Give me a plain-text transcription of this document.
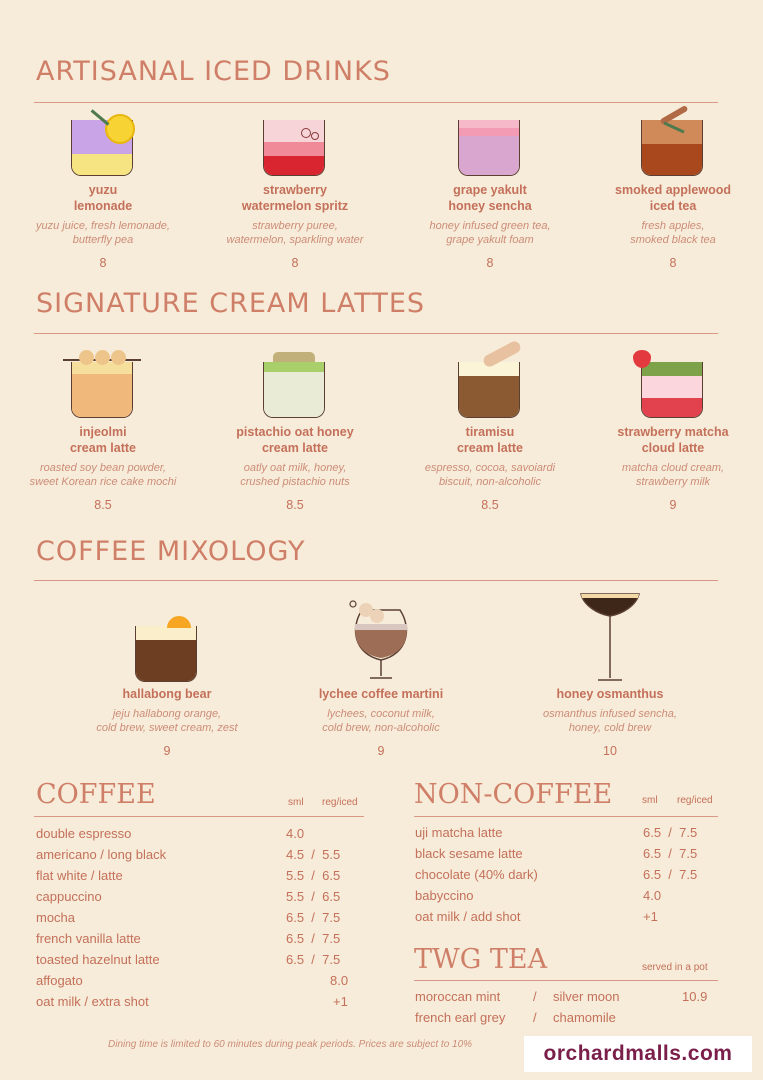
ARTISANAL ICED DRINKS
yuzu
lemonade
yuzu juice, fresh lemonade,
butterfly pea
8
strawberry
watermelon spritz
strawberry puree,
watermelon, sparkling water
8
grape yakult
honey sencha
honey infused green tea,
grape yakult foam
8
smoked applewood
iced tea
fresh apples,
smoked black tea
8
SIGNATURE CREAM LATTES
injeolmi
cream latte
roasted soy bean powder,
sweet Korean rice cake mochi
8.5
pistachio oat honey
cream latte
oatly oat milk, honey,
crushed pistachio nuts
8.5
tiramisu
cream latte
espresso, cocoa, savoiardi
biscuit, non-alcoholic
8.5
strawberry matcha
cloud latte
matcha cloud cream,
strawberry milk
9
COFFEE MIXOLOGY
hallabong bear
jeju hallabong orange,
cold brew, sweet cream, zest
9
lychee coffee martini
lychees, coconut milk,
cold brew, non-alcoholic
9
honey osmanthus
osmanthus infused sencha,
honey, cold brew
10
COFFEE	sml reg/iced
double espresso	4.0
americano / long black	4.5  /  5.5
flat white / latte	5.5  /  6.5
cappuccino	5.5  /  6.5
mocha	6.5  /  7.5
french vanilla latte	6.5  /  7.5
toasted hazelnut latte	6.5  /  7.5
affogato	8.0
oat milk / extra shot	+1
NON-COFFEE	sml reg/iced
uji matcha latte	6.5  /  7.5
black sesame latte	6.5  /  7.5
chocolate (40% dark)	6.5  /  7.5
babyccino	4.0
oat milk / add shot	+1
TWG TEA	served in a pot
moroccan mint	/ silver moon	10.9
french earl grey / chamomile
Dining time is limited to 60 minutes during peak periods. Prices are subject to 10%	orchardmalls.com
